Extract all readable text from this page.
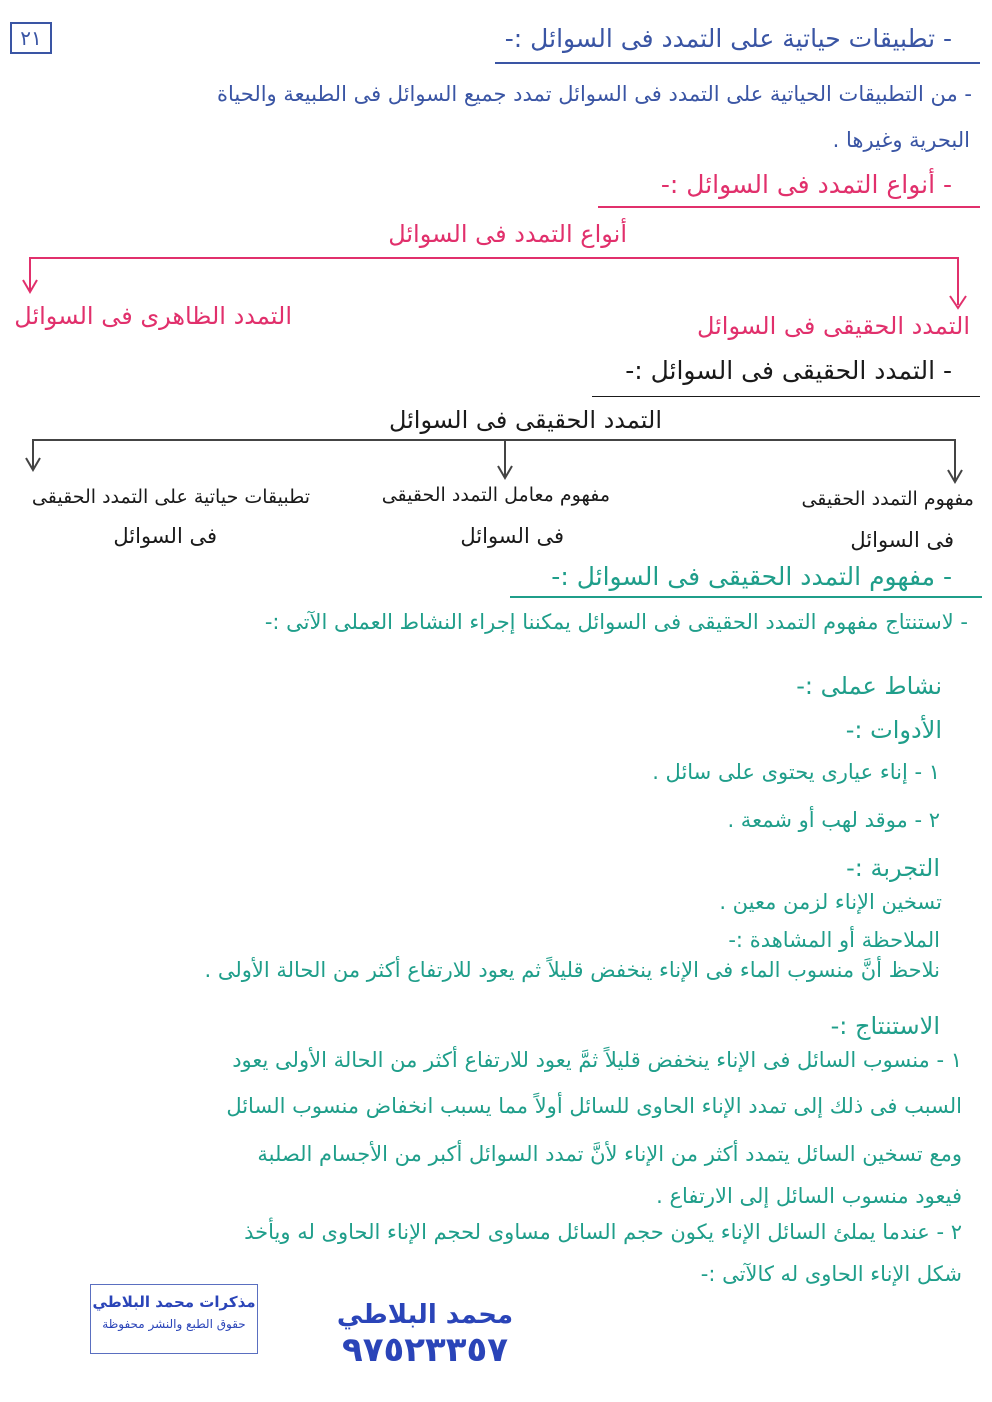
٢١	- تطبيقات حياتية على التمدد فى السوائل :-
- من التطبيقات الحياتية على التمدد فى السوائل تمدد جميع السوائل فى الطبيعة والحياة
البحرية وغيرها .
- أنواع التمدد فى السوائل :-
أنواع التمدد فى السوائل
التمدد الحقيقى فى السوائل
التمدد الظاهرى فى السوائل
- التمدد الحقيقى فى السوائل :-
التمدد الحقيقى فى السوائل
مفهوم التمدد الحقيقى
فى السوائل
مفهوم معامل التمدد الحقيقى
فى السوائل
تطبيقات حياتية على التمدد الحقيقى
فى السوائل
- مفهوم التمدد الحقيقى فى السوائل :-
- لاستنتاج مفهوم التمدد الحقيقى فى السوائل يمكننا إجراء النشاط العملى الآتى :-
نشاط عملى :-
الأدوات :-
١ - إناء عيارى يحتوى على سائل .
٢ - موقد لهب أو شمعة .
التجربة :-
تسخين الإناء لزمن معين .
الملاحظة أو المشاهدة :-
نلاحظ أنَّ منسوب الماء فى الإناء ينخفض قليلاً ثم يعود للارتفاع أكثر من الحالة الأولى .
الاستنتاج :-
١ - منسوب السائل فى الإناء ينخفض قليلاً ثمَّ يعود للارتفاع أكثر من الحالة الأولى يعود
السبب فى ذلك إلى تمدد الإناء الحاوى للسائل أولاً مما يسبب انخفاض منسوب السائل
ومع تسخين السائل يتمدد أكثر من الإناء لأنَّ تمدد السوائل أكبر من الأجسام الصلبة
فيعود منسوب السائل إلى الارتفاع .
٢ - عندما يملئ السائل الإناء يكون حجم السائل مساوى لحجم الإناء الحاوى له ويأخذ
شكل الإناء الحاوى له كالآتى :-
مذكرات محمد البلاطي
حقوق الطبع والنشر محفوظة	محمد البلاطي
٩٧٥٢٣٣٥٧
